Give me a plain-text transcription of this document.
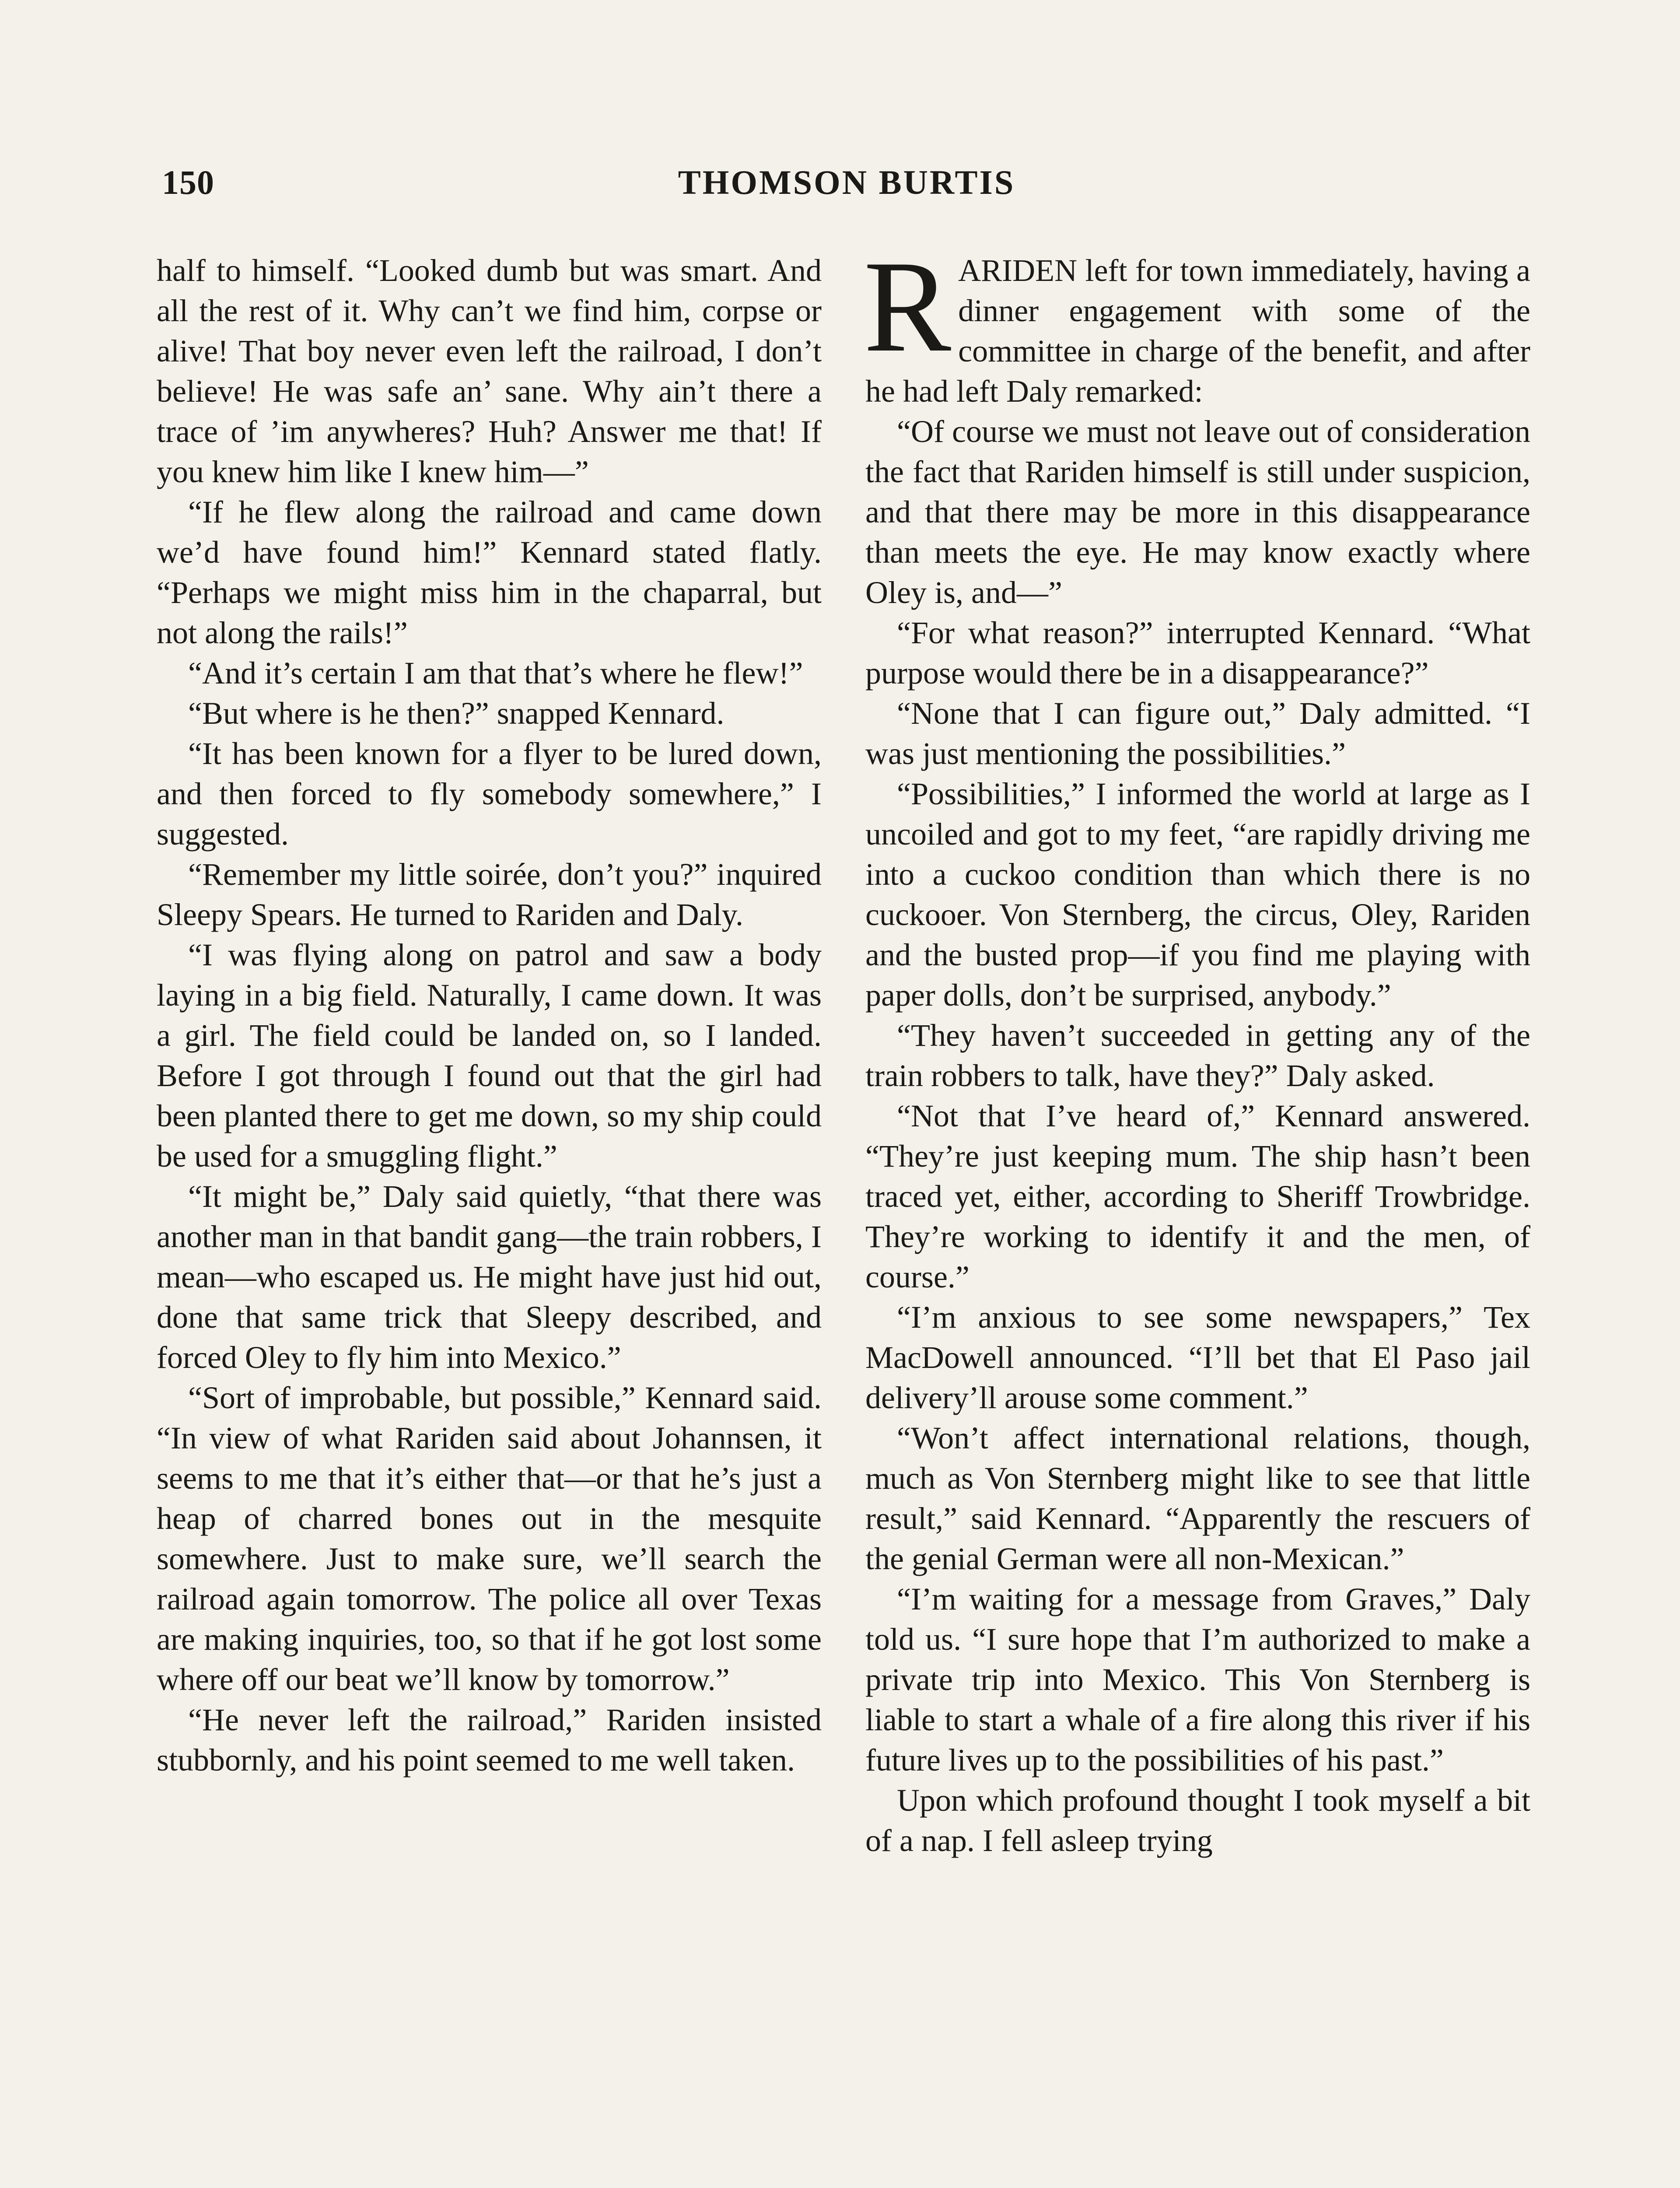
150	THOMSON BURTIS

half to himself. “Looked dumb but was smart. And all the rest of it. Why can’t we find him, corpse or alive! That boy never even left the railroad, I don’t believe! He was safe an’ sane. Why ain’t there a trace of ’im anywheres? Huh? Answer me that! If you knew him like I knew him—”

“If he flew along the railroad and came down we’d have found him!” Kennard stated flatly. “Perhaps we might miss him in the chaparral, but not along the rails!”

“And it’s certain I am that that’s where he flew!”

“But where is he then?” snapped Kennard.

“It has been known for a flyer to be lured down, and then forced to fly somebody somewhere,” I suggested.

“Remember my little soirée, don’t you?” inquired Sleepy Spears. He turned to Rariden and Daly.

“I was flying along on patrol and saw a body laying in a big field. Naturally, I came down. It was a girl. The field could be landed on, so I landed. Before I got through I found out that the girl had been planted there to get me down, so my ship could be used for a smuggling flight.”

“It might be,” Daly said quietly, “that there was another man in that bandit gang—the train robbers, I mean—who escaped us. He might have just hid out, done that same trick that Sleepy described, and forced Oley to fly him into Mexico.”

“Sort of improbable, but possible,” Kennard said. “In view of what Rariden said about Johannsen, it seems to me that it’s either that—or that he’s just a heap of charred bones out in the mesquite somewhere. Just to make sure, we’ll search the railroad again tomorrow. The police all over Texas are making inquiries, too, so that if he got lost some where off our beat we’ll know by tomorrow.”

“He never left the railroad,” Rariden insisted stubbornly, and his point seemed to me well taken.

RARIDEN left for town immediately, having a dinner engagement with some of the committee in charge of the benefit, and after he had left Daly remarked:

“Of course we must not leave out of consideration the fact that Rariden himself is still under suspicion, and that there may be more in this disappearance than meets the eye. He may know exactly where Oley is, and—”

“For what reason?” interrupted Kennard. “What purpose would there be in a disappearance?”

“None that I can figure out,” Daly admitted. “I was just mentioning the possibilities.”

“Possibilities,” I informed the world at large as I uncoiled and got to my feet, “are rapidly driving me into a cuckoo condition than which there is no cuckooer. Von Sternberg, the circus, Oley, Rariden and the busted prop—if you find me playing with paper dolls, don’t be surprised, anybody.”

“They haven’t succeeded in getting any of the train robbers to talk, have they?” Daly asked.

“Not that I’ve heard of,” Kennard answered. “They’re just keeping mum. The ship hasn’t been traced yet, either, according to Sheriff Trowbridge. They’re working to identify it and the men, of course.”

“I’m anxious to see some newspapers,” Tex MacDowell announced. “I’ll bet that El Paso jail delivery’ll arouse some comment.”

“Won’t affect international relations, though, much as Von Sternberg might like to see that little result,” said Kennard. “Apparently the rescuers of the genial German were all non-Mexican.”

“I’m waiting for a message from Graves,” Daly told us. “I sure hope that I’m authorized to make a private trip into Mexico. This Von Sternberg is liable to start a whale of a fire along this river if his future lives up to the possibilities of his past.”

Upon which profound thought I took myself a bit of a nap. I fell asleep trying
